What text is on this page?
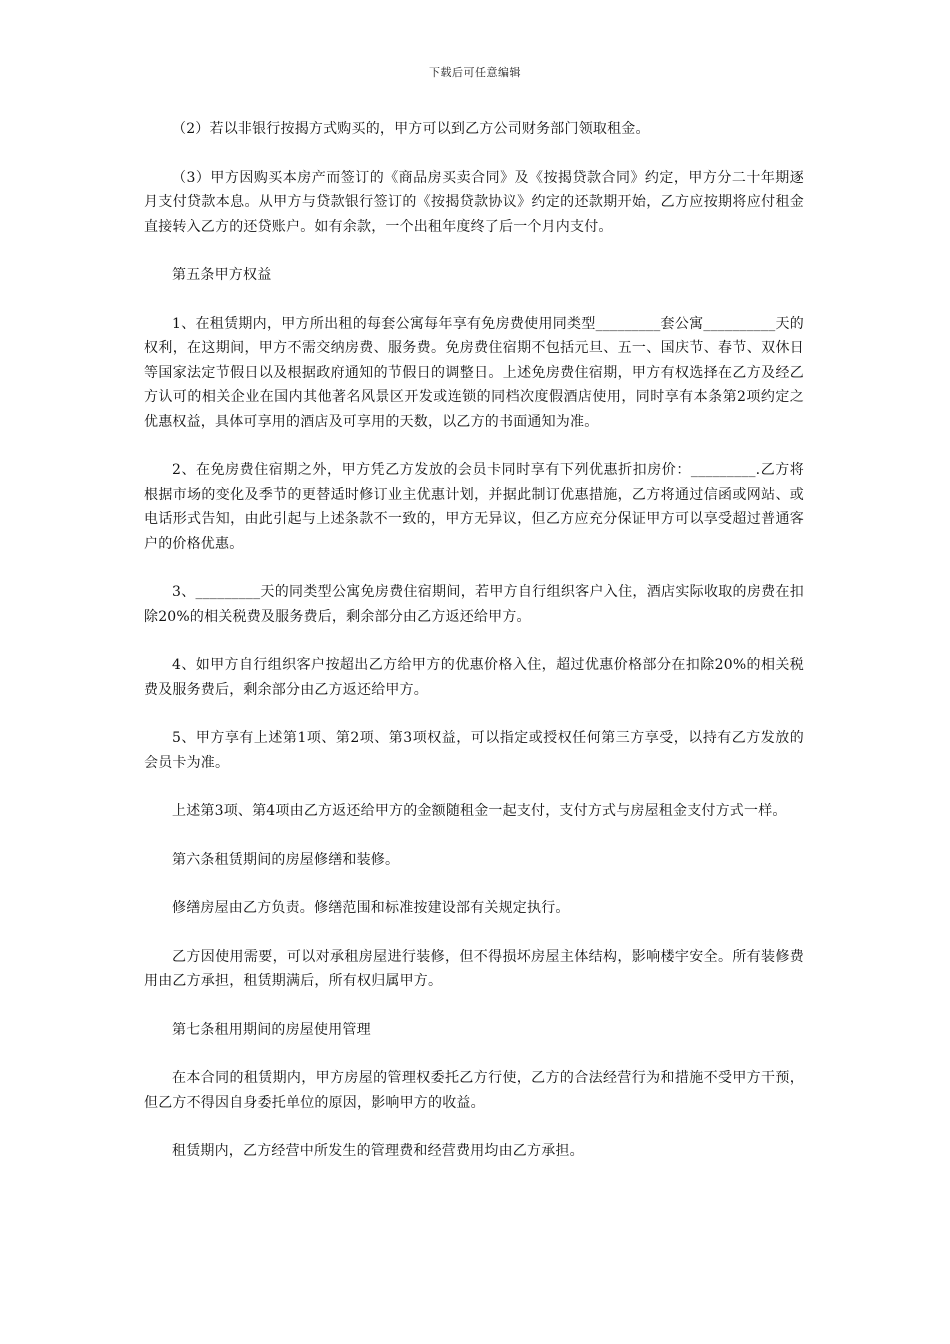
下载后可任意编辑

（2）若以非银行按揭方式购买的，甲方可以到乙方公司财务部门领取租金。

（3）甲方因购买本房产而签订的《商品房买卖合同》及《按揭贷款合同》约定，甲方分二十年期逐月支付贷款本息。从甲方与贷款银行签订的《按揭贷款协议》约定的还款期开始，乙方应按期将应付租金直接转入乙方的还贷账户。如有余款，一个出租年度终了后一个月内支付。

第五条甲方权益

1、在租赁期内，甲方所出租的每套公寓每年享有免房费使用同类型_________套公寓__________天的权利，在这期间，甲方不需交纳房费、服务费。免房费住宿期不包括元旦、五一、国庆节、春节、双休日等国家法定节假日以及根据政府通知的节假日的调整日。上述免房费住宿期，甲方有权选择在乙方及经乙方认可的相关企业在国内其他著名风景区开发或连锁的同档次度假酒店使用，同时享有本条第2项约定之优惠权益，具体可享用的酒店及可享用的天数，以乙方的书面通知为准。

2、在免房费住宿期之外，甲方凭乙方发放的会员卡同时享有下列优惠折扣房价：_________.乙方将根据市场的变化及季节的更替适时修订业主优惠计划，并据此制订优惠措施，乙方将通过信函或网站、或电话形式告知，由此引起与上述条款不一致的，甲方无异议，但乙方应充分保证甲方可以享受超过普通客户的价格优惠。

3、_________天的同类型公寓免房费住宿期间，若甲方自行组织客户入住，酒店实际收取的房费在扣除20%的相关税费及服务费后，剩余部分由乙方返还给甲方。

4、如甲方自行组织客户按超出乙方给甲方的优惠价格入住，超过优惠价格部分在扣除20%的相关税费及服务费后，剩余部分由乙方返还给甲方。

5、甲方享有上述第1项、第2项、第3项权益，可以指定或授权任何第三方享受，以持有乙方发放的会员卡为准。

上述第3项、第4项由乙方返还给甲方的金额随租金一起支付，支付方式与房屋租金支付方式一样。

第六条租赁期间的房屋修缮和装修。

修缮房屋由乙方负责。修缮范围和标准按建设部有关规定执行。

乙方因使用需要，可以对承租房屋进行装修，但不得损坏房屋主体结构，影响楼宇安全。所有装修费用由乙方承担，租赁期满后，所有权归属甲方。

第七条租用期间的房屋使用管理

在本合同的租赁期内，甲方房屋的管理权委托乙方行使，乙方的合法经营行为和措施不受甲方干预，但乙方不得因自身委托单位的原因，影响甲方的收益。

租赁期内，乙方经营中所发生的管理费和经营费用均由乙方承担。
